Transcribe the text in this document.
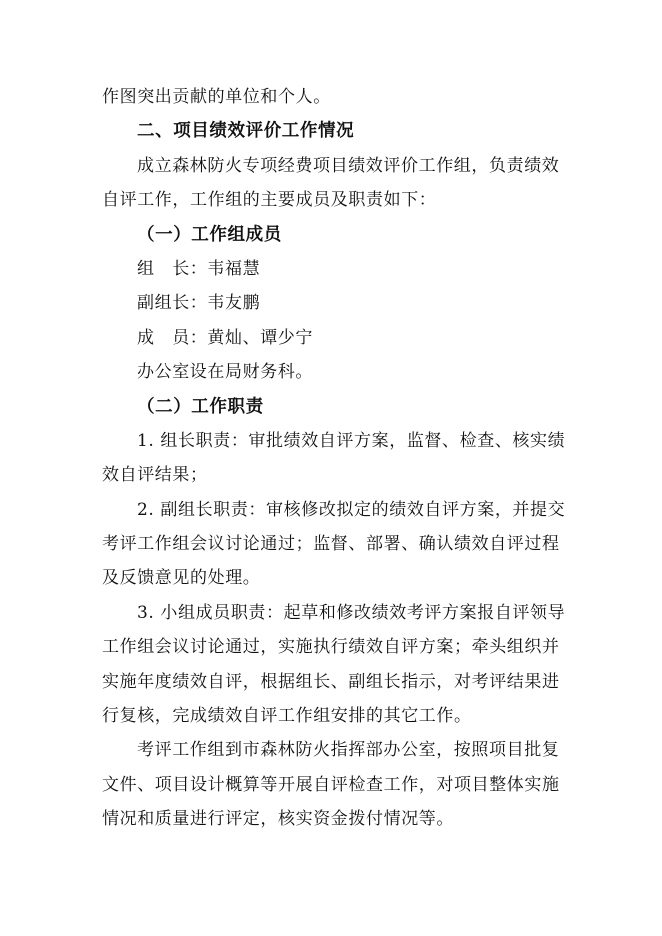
作图突出贡献的单位和个人。
二、项目绩效评价工作情况
成立森林防火专项经费项目绩效评价工作组，负责绩效
自评工作，工作组的主要成员及职责如下：
（一）工作组成员
组　长：韦福慧
副组长：韦友鹏
成　员：黄灿、谭少宁
办公室设在局财务科。
（二）工作职责
1. 组长职责：审批绩效自评方案，监督、检查、核实绩
效自评结果；
2. 副组长职责：审核修改拟定的绩效自评方案，并提交
考评工作组会议讨论通过；监督、部署、确认绩效自评过程
及反馈意见的处理。
3. 小组成员职责：起草和修改绩效考评方案报自评领导
工作组会议讨论通过，实施执行绩效自评方案；牵头组织并
实施年度绩效自评，根据组长、副组长指示，对考评结果进
行复核，完成绩效自评工作组安排的其它工作。
考评工作组到市森林防火指挥部办公室，按照项目批复
文件、项目设计概算等开展自评检查工作，对项目整体实施
情况和质量进行评定，核实资金拨付情况等。
